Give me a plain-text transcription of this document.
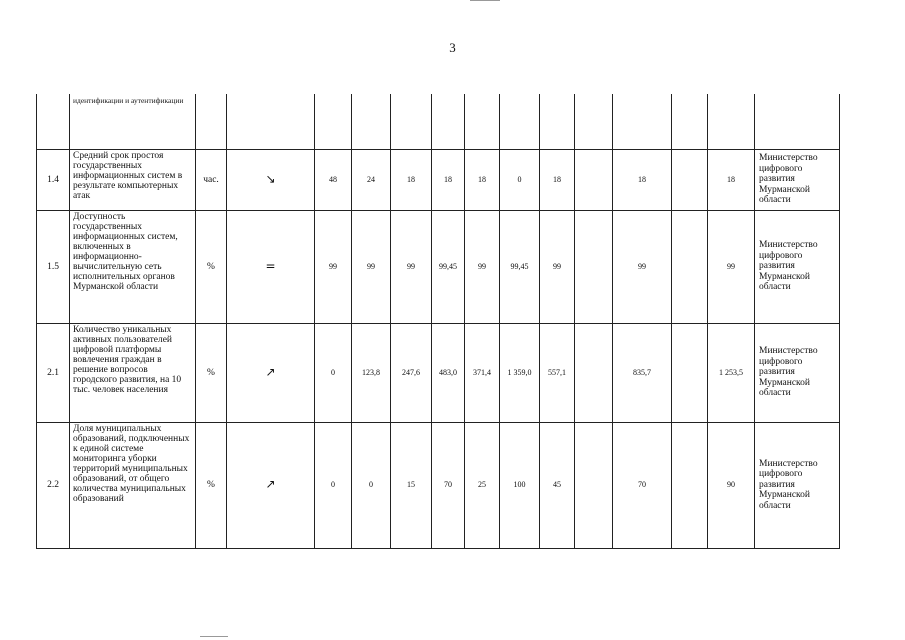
3
	идентификации и аутентификации														
1.4	Средний срок простоя государственных информационных систем в результате компьютерных атак	час.	↘	48	24	18	18	18	0	18		18		18	Министерство цифрового развития Мурманской области
1.5	Доступность государственных информационных систем, включенных в информационно-вычислительную сеть исполнительных органов Мурманской области	%	=	99	99	99	99,45	99	99,45	99		99		99	Министерство цифрового развития Мурманской области
2.1	Количество уникальных активных пользователей цифровой платформы вовлечения граждан в решение вопросов городского развития, на 10 тыс. человек населения	%	↗	0	123,8	247,6	483,0	371,4	1 359,0	557,1		835,7		1 253,5	Министерство цифрового развития Мурманской области
2.2	Доля муниципальных образований, подключенных к единой системе мониторинга уборки территорий муниципальных образований, от общего количества муниципальных образований	%	↗	0	0	15	70	25	100	45		70		90	Министерство цифрового развития Мурманской области
